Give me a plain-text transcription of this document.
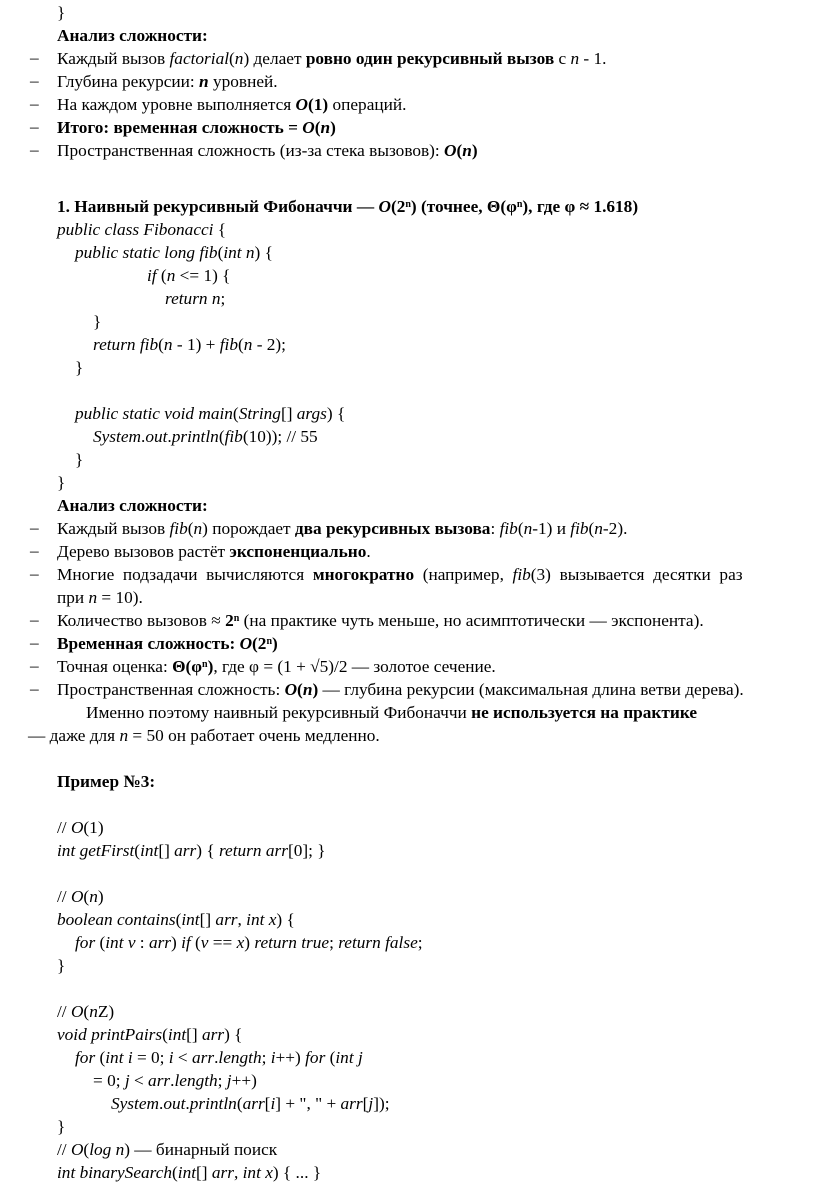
}
Анализ сложности:
– Каждый вызов factorial(n) делает ровно один рекурсивный вызов с n - 1.
– Глубина рекурсии: n уровней.
– На каждом уровне выполняется O(1) операций.
– Итого: временная сложность = O(n)
– Пространственная сложность (из-за стека вызовов): O(n)
1. Наивный рекурсивный Фибоначчи — O(2$^n$) (точнее, $\Theta(\varphi^n)$, где φ ≈ 1.618)
public class Fibonacci {
public static long fib(int n) {
if (n <= 1) {
return n;
}
return fib(n - 1) + fib(n - 2);
}
public static void main(String[] args) {
System.out.println(fib(10)); // 55
}
}
Анализ сложности:
– Каждый вызов fib(n) порождает два рекурсивных вызова: fib(n-1) и fib(n-2).
– Дерево вызовов растёт экспоненциально.
– Многие  подзадачи  вычисляются  многократно  (например,  fib(3)  вызывается  десятки  раз
при n = 10).
– Количество вызовов ≈ $2^n$ (на практике чуть меньше, но асимптотически — экспонента).
– Временная сложность: O(2$^n$)
– Точная оценка: $\Theta(\varphi^n)$, где φ = (1 + √5)/2 — золотое сечение.
– Пространственная сложность: O(n) — глубина рекурсии (максимальная длина ветви дерева).
Именно поэтому наивный рекурсивный Фибоначчи не используется на практике
— даже для n = 50 он работает очень медленно.
Пример №3:
// O(1)
int getFirst(int[] arr) { return arr[0]; }
// O(n)
boolean contains(int[] arr, int x) {
for (int v : arr) if (v == x) return true; return false;
}
// O(nZ)
void printPairs(int[] arr) {
for (int i = 0; i < arr.length; i++) for (int j
= 0; j < arr.length; j++)
System.out.println(arr[i] + ", " + arr[j]);
}
// O(log n) — бинарный поиск
int binarySearch(int[] arr, int x) { ... }
